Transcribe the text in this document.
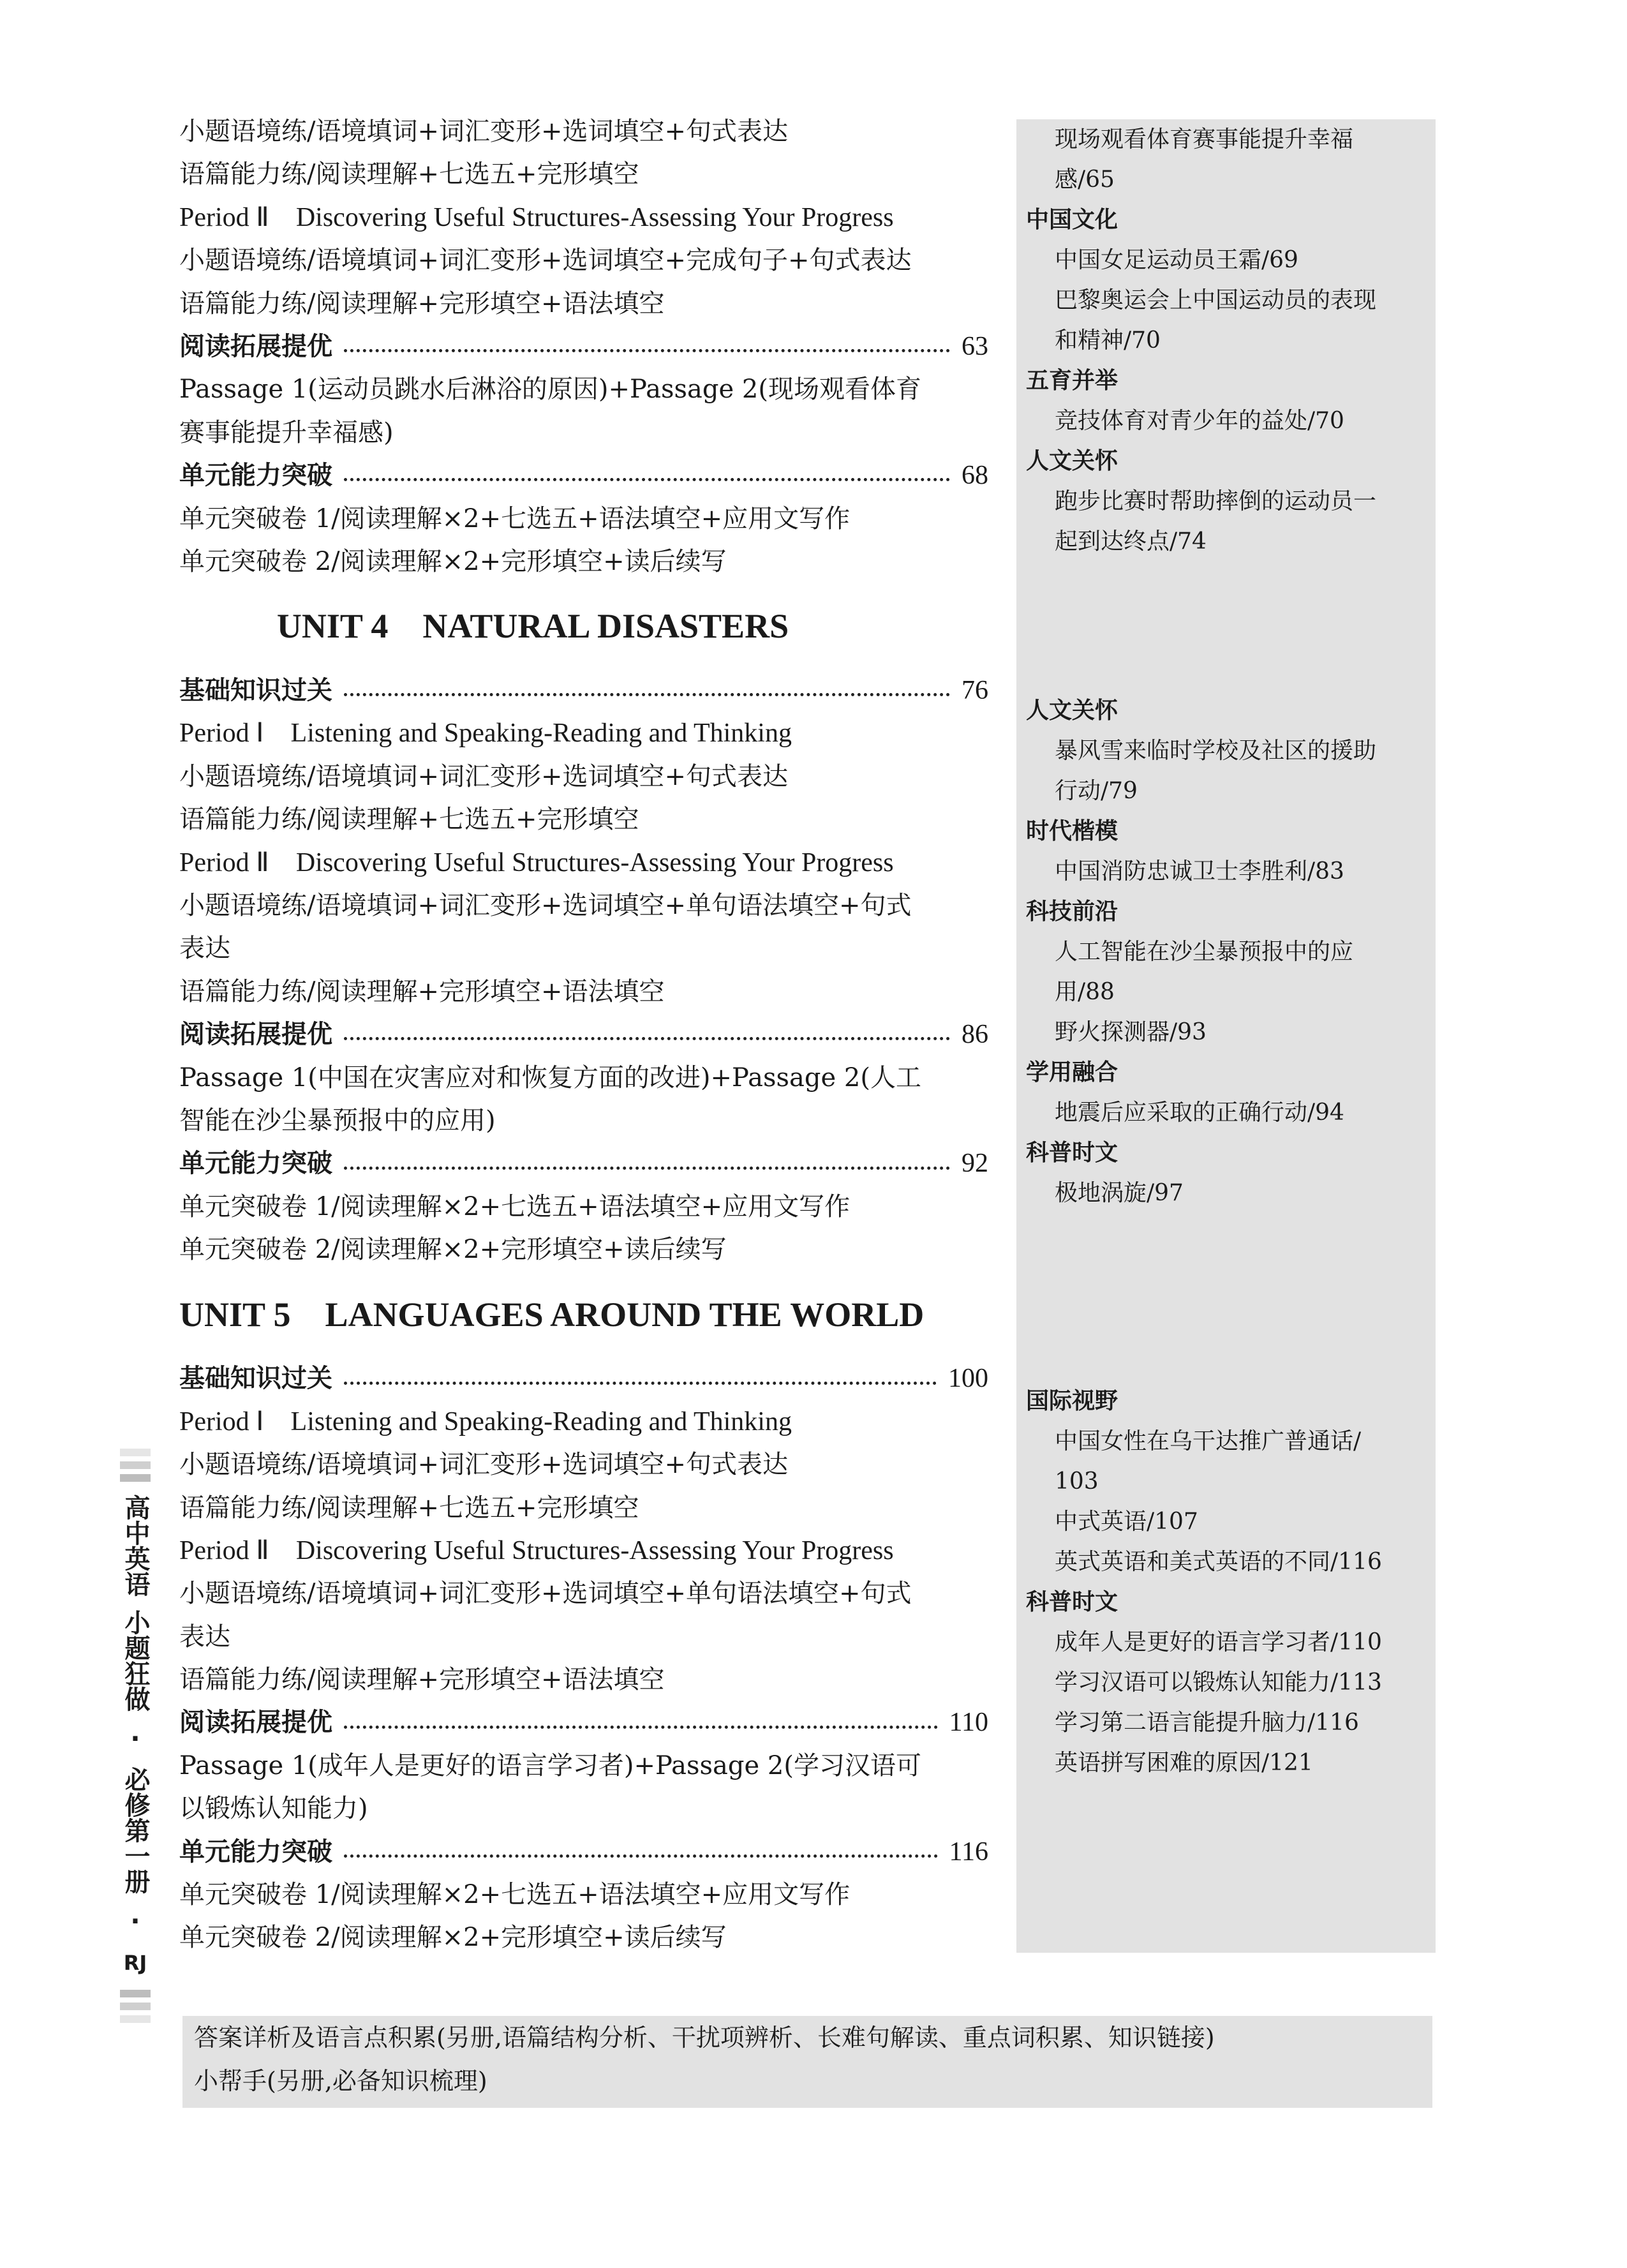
小题语境练/语境填词+词汇变形+选词填空+句式表达
语篇能力练/阅读理解+七选五+完形填空
Period Ⅱ　Discovering Useful Structures-Assessing Your Progress
小题语境练/语境填词+词汇变形+选词填空+完成句子+句式表达
语篇能力练/阅读理解+完形填空+语法填空
阅读拓展提优	63
Passage 1(运动员跳水后淋浴的原因)+Passage 2(现场观看体育
赛事能提升幸福感)
单元能力突破	68
单元突破卷 1/阅读理解×2+七选五+语法填空+应用文写作
单元突破卷 2/阅读理解×2+完形填空+读后续写
UNIT 4　NATURAL DISASTERS
基础知识过关	76
Period Ⅰ　Listening and Speaking-Reading and Thinking
小题语境练/语境填词+词汇变形+选词填空+句式表达
语篇能力练/阅读理解+七选五+完形填空
Period Ⅱ　Discovering Useful Structures-Assessing Your Progress
小题语境练/语境填词+词汇变形+选词填空+单句语法填空+句式
表达
语篇能力练/阅读理解+完形填空+语法填空
阅读拓展提优	86
Passage 1(中国在灾害应对和恢复方面的改进)+Passage 2(人工
智能在沙尘暴预报中的应用)
单元能力突破	92
单元突破卷 1/阅读理解×2+七选五+语法填空+应用文写作
单元突破卷 2/阅读理解×2+完形填空+读后续写
UNIT 5　LANGUAGES AROUND THE WORLD
基础知识过关	100
Period Ⅰ　Listening and Speaking-Reading and Thinking
小题语境练/语境填词+词汇变形+选词填空+句式表达
语篇能力练/阅读理解+七选五+完形填空
Period Ⅱ　Discovering Useful Structures-Assessing Your Progress
小题语境练/语境填词+词汇变形+选词填空+单句语法填空+句式
表达
语篇能力练/阅读理解+完形填空+语法填空
阅读拓展提优	110
Passage 1(成年人是更好的语言学习者)+Passage 2(学习汉语可
以锻炼认知能力)
单元能力突破	116
单元突破卷 1/阅读理解×2+七选五+语法填空+应用文写作
单元突破卷 2/阅读理解×2+完形填空+读后续写
现场观看体育赛事能提升幸福
感/65
中国文化
中国女足运动员王霜/69
巴黎奥运会上中国运动员的表现
和精神/70
五育并举
竞技体育对青少年的益处/70
人文关怀
跑步比赛时帮助摔倒的运动员一
起到达终点/74
人文关怀
暴风雪来临时学校及社区的援助
行动/79
时代楷模
中国消防忠诚卫士李胜利/83
科技前沿
人工智能在沙尘暴预报中的应
用/88
野火探测器/93
学用融合
地震后应采取的正确行动/94
科普时文
极地涡旋/97
国际视野
中国女性在乌干达推广普通话/
103
中式英语/107
英式英语和美式英语的不同/116
科普时文
成年人是更好的语言学习者/110
学习汉语可以锻炼认知能力/113
学习第二语言能提升脑力/116
英语拼写困难的原因/121
高中英语
小题狂做
·
必修第一册
·
RJ
答案详析及语言点积累(另册,语篇结构分析、干扰项辨析、长难句解读、重点词积累、知识链接)
小帮手(另册,必备知识梳理)
